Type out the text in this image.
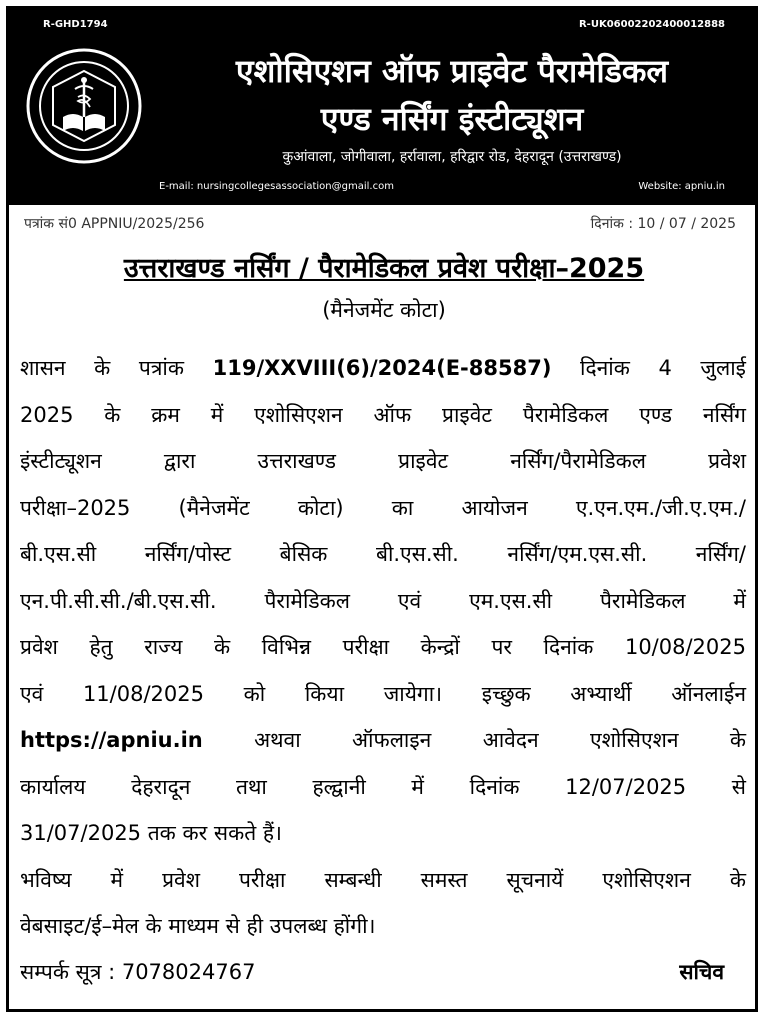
R-GHD1794	R-UK06002202400012888
एशोसिएशन ऑफ प्राइवेट पैरामेडिकल
एण्ड नर्सिंग इंस्टीट्यूशन
कुआंवाला, जोगीवाला, हर्रावाला, हरिद्वार रोड, देहरादून (उत्तराखण्ड)
E-mail: nursingcollegesassociation@gmail.com	Website: apniu.in
पत्रांक सं0 APPNIU/2025/256	दिनांक : 10 / 07 / 2025
उत्तराखण्ड नर्सिंग / पैरामेडिकल प्रवेश परीक्षा–2025
(मैनेजमेंट कोटा)
शासन के पत्रांक 119/XXVIII(6)/2024(E-88587) दिनांक 4 जुलाई
2025 के क्रम में एशोसिएशन ऑफ प्राइवेट पैरामेडिकल एण्ड नर्सिंग
इंस्टीट्यूशन द्वारा उत्तराखण्ड प्राइवेट नर्सिंग/पैरामेडिकल प्रवेश
परीक्षा–2025 (मैनेजमेंट कोटा) का आयोजन ए.एन.एम./जी.ए.एम./
बी.एस.सी नर्सिंग/पोस्ट बेसिक बी.एस.सी. नर्सिंग/एम.एस.सी. नर्सिंग/
एन.पी.सी.सी./बी.एस.सी. पैरामेडिकल एवं एम.एस.सी पैरामेडिकल में
प्रवेश हेतु राज्य के विभिन्न परीक्षा केन्द्रों पर दिनांक 10/08/2025
एवं 11/08/2025 को किया जायेगा। इच्छुक अभ्यार्थी ऑनलाईन
https://apniu.in अथवा ऑफलाइन आवेदन एशोसिएशन के
कार्यालय देहरादून तथा हल्द्वानी में दिनांक 12/07/2025 से
31/07/2025 तक कर सकते हैं।
भविष्य में प्रवेश परीक्षा सम्बन्धी समस्त सूचनायें एशोसिएशन के
वेबसाइट/ई–मेल के माध्यम से ही उपलब्ध होंगी।
सम्पर्क सूत्र : 7078024767	सचिव
